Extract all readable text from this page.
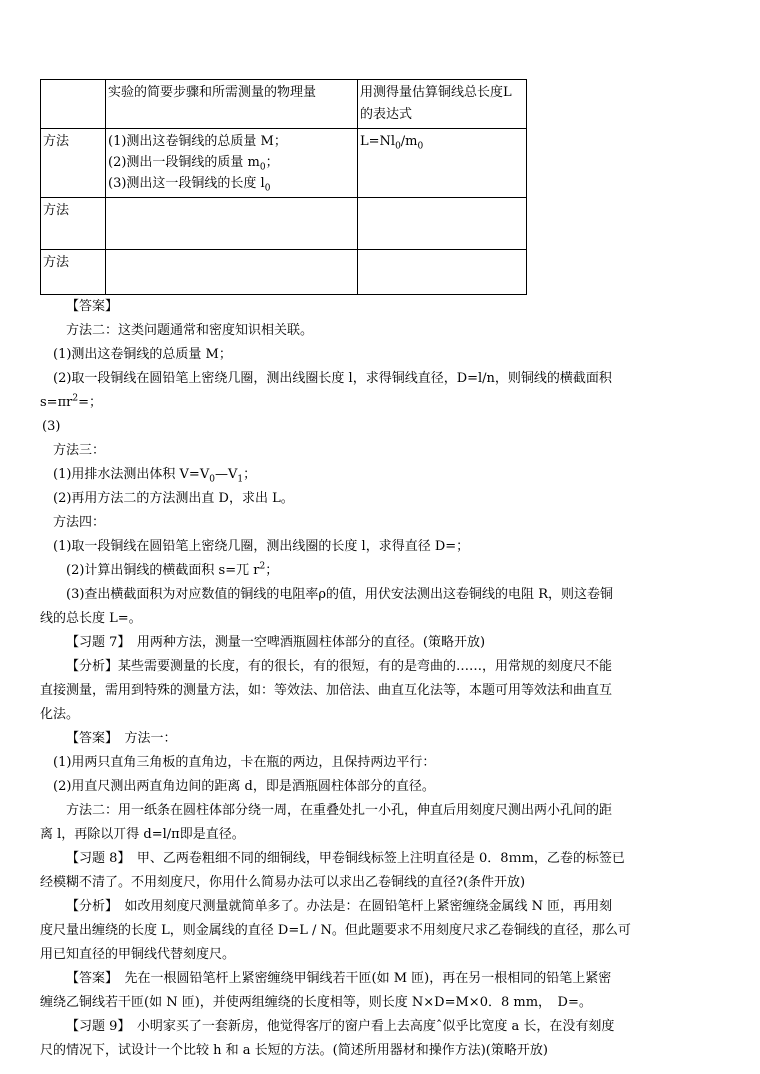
	实验的简要步骤和所需测量的物理量	用测得量估算铜线总长度L 的表达式
方法	(1)测出这卷铜线的总质量 M；
(2)测出一段铜线的质量 $m_0$；
(3)测出这一段铜线的长度 $l_0$	$L=Nl_0/m_0$
方法		
方法		

【答案】

方法二：这类问题通常和密度知识相关联。

(1)测出这卷铜线的总质量 M；

(2)取一段铜线在圆铅笔上密绕几圈，测出线圈长度 l，求得铜线直径，D=l/n，则铜线的横截面积

$s=\pi r^2=$；

(3)

方法三：

(1)用排水法测出体积 $V=V_0—V_1$；

(2)再用方法二的方法测出直 D，求出 L。

方法四：

(1)取一段铜线在圆铅笔上密绕几圈，测出线圈的长度 l，求得直径 D=；

(2)计算出铜线的横截面积 s=兀 $r^2$；

(3)查出横截面积为对应数值的铜线的电阻率ρ的值，用伏安法测出这卷铜线的电阻 R，则这卷铜

线的总长度 L=。

【习题 7】　用两种方法，测量一空啤酒瓶圆柱体部分的直径。(策略开放)

【分析】某些需要测量的长度，有的很长，有的很短，有的是弯曲的……，用常规的刻度尺不能

直接测量，需用到特殊的测量方法，如：等效法、加倍法、曲直互化法等，本题可用等效法和曲直互

化法。

【答案】　方法一：

(1)用两只直角三角板的直角边，卡在瓶的两边，且保持两边平行：

(2)用直尺测出两直角边间的距离 d，即是酒瓶圆柱体部分的直径。

方法二：用一纸条在圆柱体部分绕一周，在重叠处扎一小孔，伸直后用刻度尺测出两小孔间的距

离 l，再除以丌得 d=l/π即是直径。

【习题 8】　甲、乙两卷粗细不同的细铜线，甲卷铜线标签上注明直径是 0．8ｍm，乙卷的标签已

经模糊不清了。不用刻度尺，你用什么简易办法可以求出乙卷铜线的直径?(条件开放)

【分析】　如改用刻度尺测量就简单多了。办法是：在圆铅笔杆上紧密缠绕金属线 N 匝，再用刻

度尺量出缠绕的长度 L，则金属线的直径 D=L / N。但此题要求不用刻度尺求乙卷铜线的直径，那么可

用已知直径的甲铜线代替刻度尺。

【答案】　先在一根圆铅笔杆上紧密缠绕甲铜线若干匝(如 M 匝)，再在另一根相同的铅笔上紧密

缠绕乙铜线若干匝(如 N 匝)，并使两组缠绕的长度相等，则长度 N×D=M×0．8 mm，　D=。

【习题 9】　小明家买了一套新房，他觉得客厅的窗户看上去高度ˆ似乎比宽度 a 长，在没有刻度

尺的情况下，试设计一个比较 h 和 a 长短的方法。(简述所用器材和操作方法)(策略开放)
